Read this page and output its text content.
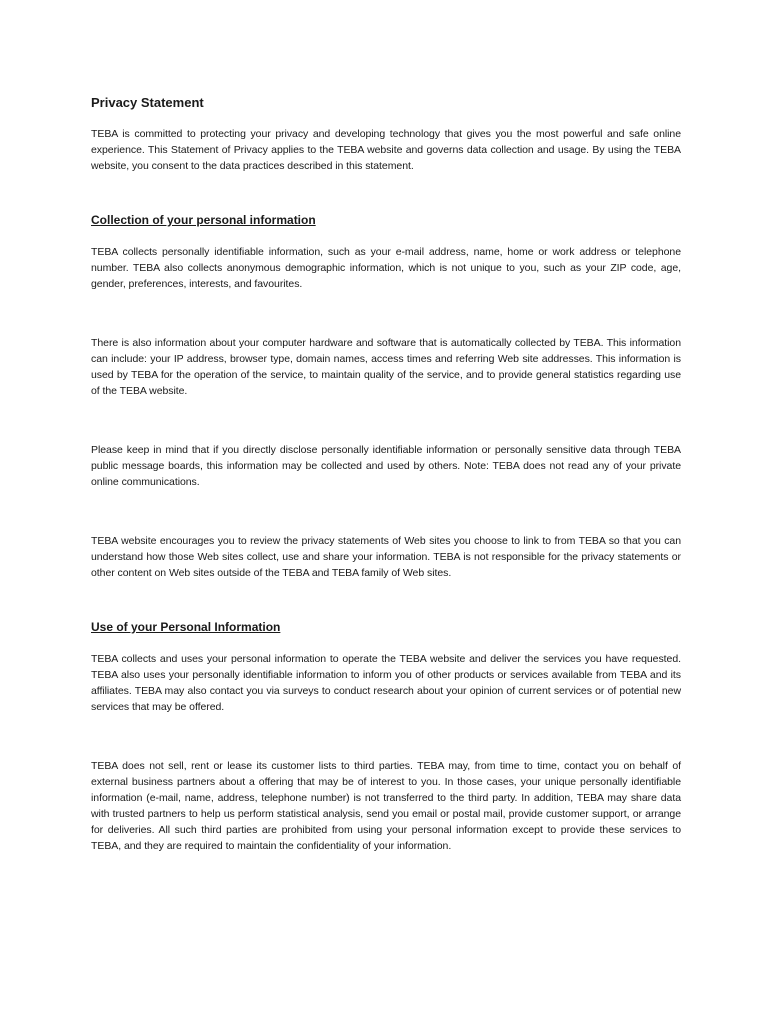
Privacy Statement

TEBA is committed to protecting your privacy and developing technology that gives you the most powerful and safe online experience. This Statement of Privacy applies to the TEBA website and governs data collection and usage. By using the TEBA website, you consent to the data practices described in this statement.

Collection of your personal information

TEBA collects personally identifiable information, such as your e-mail address, name, home or work address or telephone number. TEBA also collects anonymous demographic information, which is not unique to you, such as your ZIP code, age, gender, preferences, interests, and favourites.

There is also information about your computer hardware and software that is automatically collected by TEBA. This information can include: your IP address, browser type, domain names, access times and referring Web site addresses. This information is used by TEBA for the operation of the service, to maintain quality of the service, and to provide general statistics regarding use of the TEBA website.

Please keep in mind that if you directly disclose personally identifiable information or personally sensitive data through TEBA public message boards, this information may be collected and used by others. Note: TEBA does not read any of your private online communications.

TEBA website encourages you to review the privacy statements of Web sites you choose to link to from TEBA so that you can understand how those Web sites collect, use and share your information. TEBA is not responsible for the privacy statements or other content on Web sites outside of the TEBA and TEBA family of Web sites.

Use of your Personal Information

TEBA collects and uses your personal information to operate the TEBA website and deliver the services you have requested. TEBA also uses your personally identifiable information to inform you of other products or services available from TEBA and its affiliates. TEBA may also contact you via surveys to conduct research about your opinion of current services or of potential new services that may be offered.

TEBA does not sell, rent or lease its customer lists to third parties. TEBA may, from time to time, contact you on behalf of external business partners about a offering that may be of interest to you. In those cases, your unique personally identifiable information (e-mail, name, address, telephone number) is not transferred to the third party. In addition, TEBA may share data with trusted partners to help us perform statistical analysis, send you email or postal mail, provide customer support, or arrange for deliveries. All such third parties are prohibited from using your personal information except to provide these services to TEBA, and they are required to maintain the confidentiality of your information.
